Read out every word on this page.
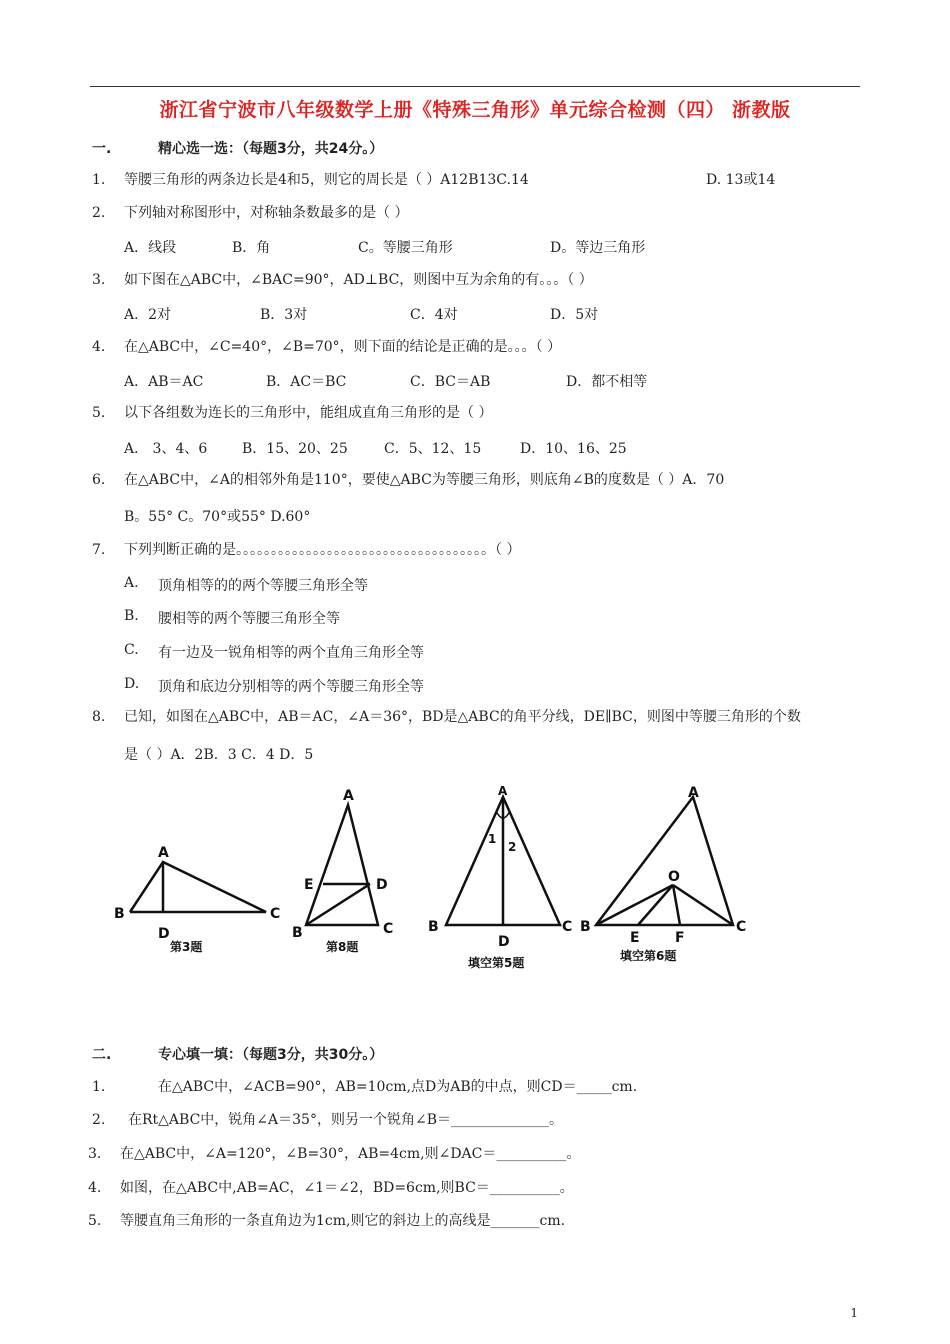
浙江省宁波市八年级数学上册《特殊三角形》单元综合检测（四） 浙教版
一.	精心选一选：（每题3分，共24分。）
1.	等腰三角形的两条边长是4和5，则它的周长是（ ）A12B13C.14	D. 13或14
2.	下列轴对称图形中，对称轴条数最多的是（ ）
A．线段	B．角	C。等腰三角形	D。等边三角形
3.	如下图在△ABC中，∠BAC=90°，AD⊥BC，则图中互为余角的有。。。（ ）
A．2对	B．3对	C．4对	D．5对
4.	在△ABC中，∠C=40°，∠B=70°，则下面的结论是正确的是。。。（ ）
A．AB＝AC	B．AC＝BC	C．BC＝AB	D．都不相等
5.	以下各组数为连长的三角形中，能组成直角三角形的是（ ）
A． 3、4、6 B．15、20、25	C．5、12、15	D．10、16、25
6.	在△ABC中，∠A的相邻外角是110°，要使△ABC为等腰三角形，则底角∠B的度数是（ ）A．70
B。55° C。70°或55° D.60°
7.	下列判断正确的是。。。。。。。。。。。。。。。。。。。。。。。。。。。。。。。。。。。。（ ）
A. 顶角相等的的两个等腰三角形全等
B. 腰相等的两个等腰三角形全等
C. 有一边及一锐角相等的两个直角三角形全等
D. 顶角和底边分别相等的两个等腰三角形全等
8.	已知，如图在△ABC中，AB＝AC，∠A＝36°，BD是△ABC的角平分线，DE∥BC，则图中等腰三角形的个数
是（ ）A．2B．3 C．4 D．5
A
B	C
D
第3题
A
E	D
B	C
第8题
A
1
2
B	C
D
填空第5题
A
O
B	C
E	F
填空第6题
二.	专心填一填：（每题3分，共30分。）
1.	在△ABC中，∠ACB=90°，AB=10cm,点D为AB的中点，则CD＝_____cm.
2.	在Rt△ABC中，锐角∠A＝35°，则另一个锐角∠B＝______________。
3.	在△ABC中，∠A=120°，∠B=30°，AB=4cm,则∠DAC＝__________。
4.	如图，在△ABC中,AB=AC，∠1＝∠2，BD=6cm,则BC＝__________。
5.	等腰直角三角形的一条直角边为1cm,则它的斜边上的高线是_______cm.
1
